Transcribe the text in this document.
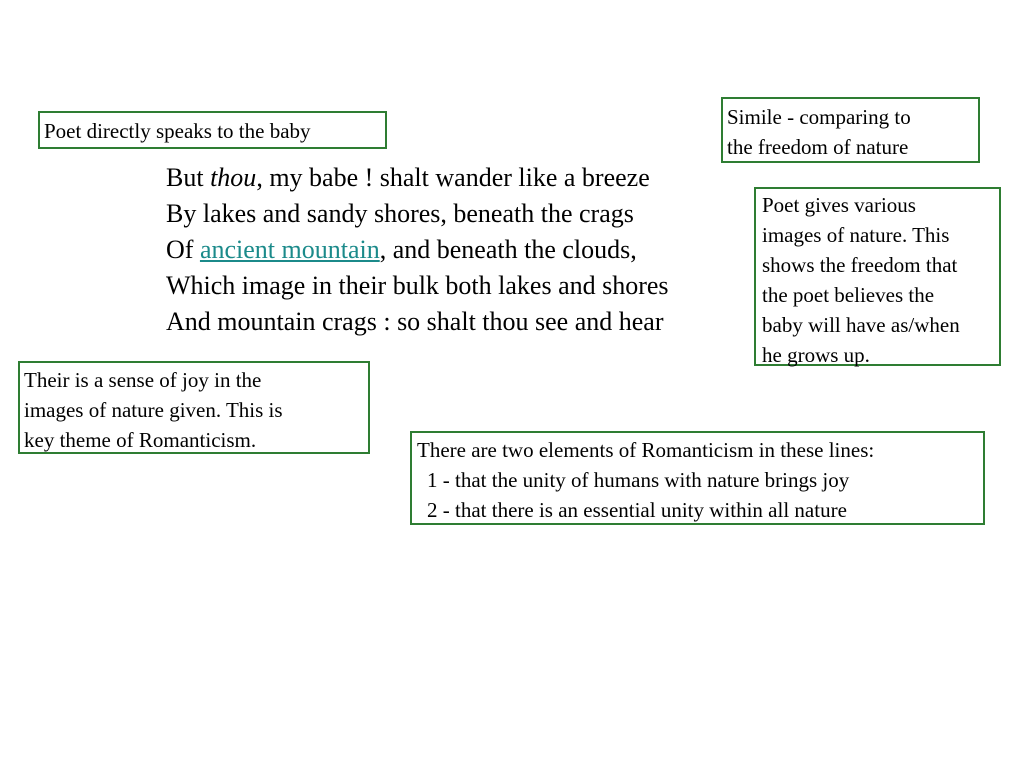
Poet directly speaks to the baby
Simile - comparing to
the freedom of nature
Poet gives various
images of nature. This
shows the freedom that
the poet believes the
baby will have as/when
he grows up.
But thou, my babe ! shalt wander like a breeze
By lakes and sandy shores, beneath the crags
Of ancient mountain, and beneath the clouds,
Which image in their bulk both lakes and shores
And mountain crags : so shalt thou see and hear
Their is a sense of joy in the
images of nature given. This is
key theme of Romanticism.	There are two elements of Romanticism in these lines:
1 - that the unity of humans with nature brings joy
2 - that there is an essential unity within all nature
